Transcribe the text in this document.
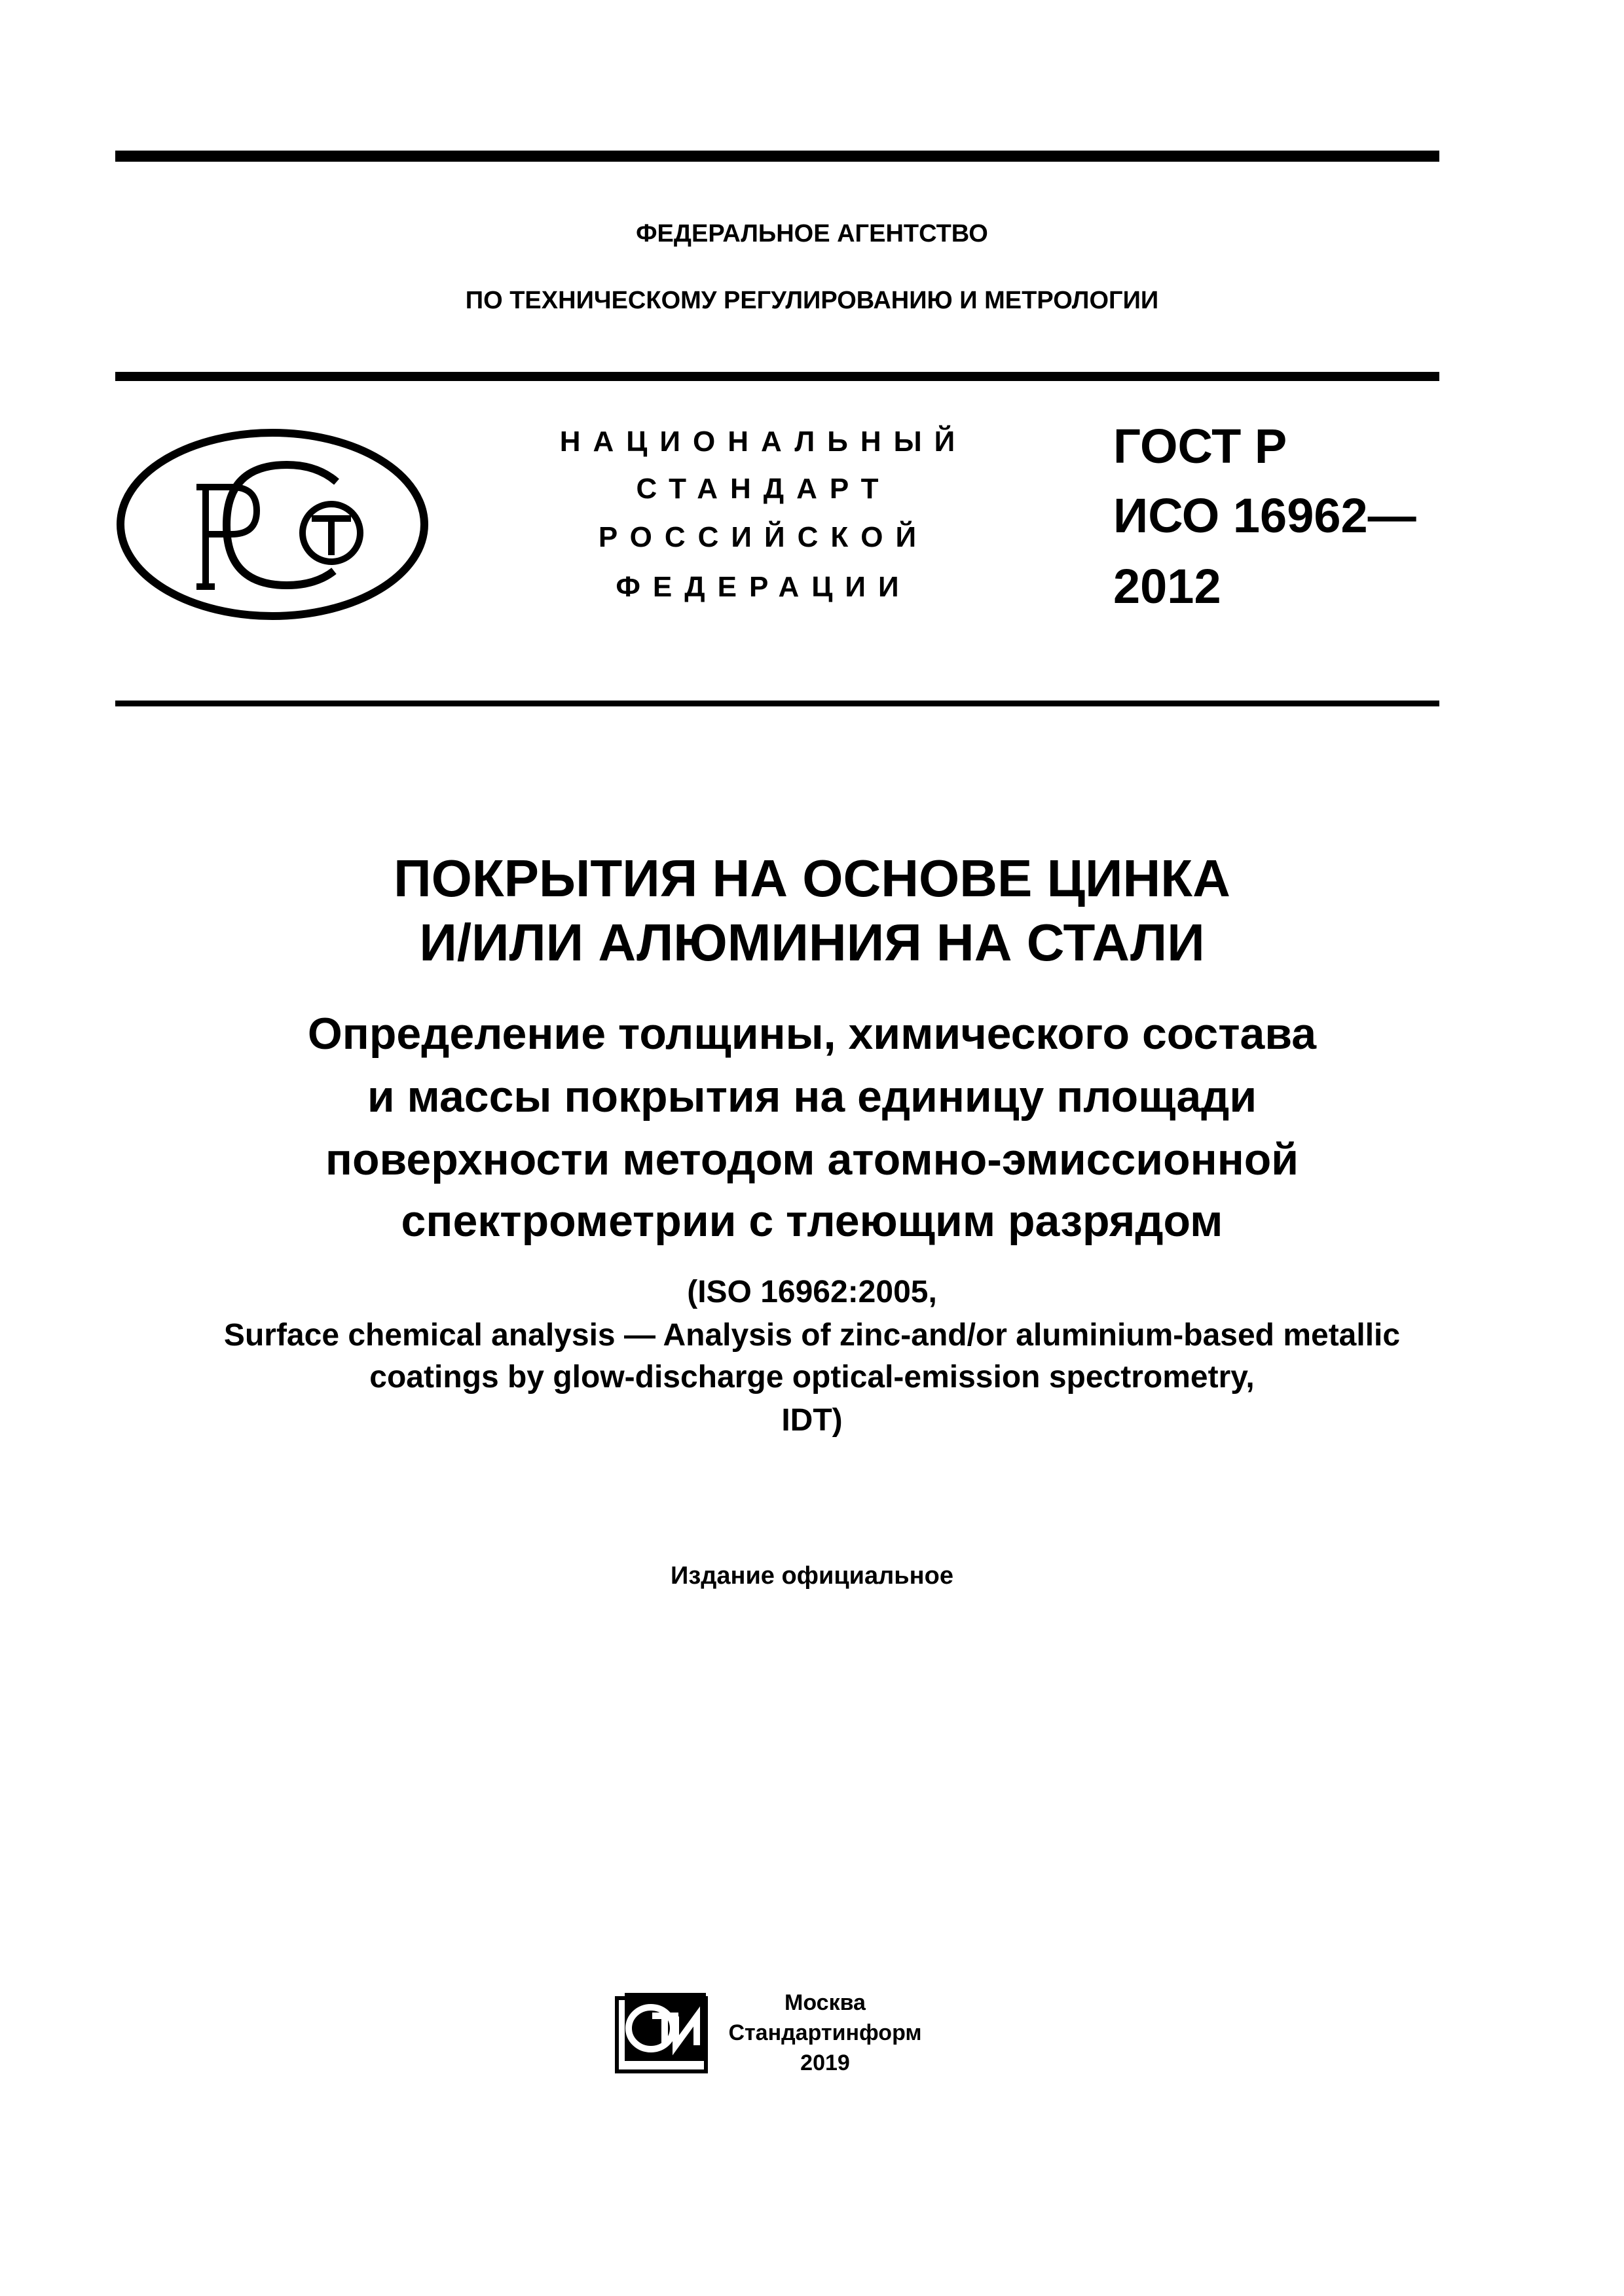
ФЕДЕРАЛЬНОЕ АГЕНТСТВО
ПО ТЕХНИЧЕСКОМУ РЕГУЛИРОВАНИЮ И МЕТРОЛОГИИ
НАЦИОНАЛЬНЫЙ
СТАНДАРТ
РОССИЙСКОЙ
ФЕДЕРАЦИИ
ГОСТ Р
ИСО 16962—
2012
ПОКРЫТИЯ НА ОСНОВЕ ЦИНКА
И/ИЛИ АЛЮМИНИЯ НА СТАЛИ
Определение толщины, химического состава
и массы покрытия на единицу площади
поверхности методом атомно-эмиссионной
спектрометрии с тлеющим разрядом
(ISO 16962:2005,
Surface chemical analysis — Analysis of zinc-and/or aluminium-based metallic
coatings by glow-discharge optical-emission spectrometry,
IDT)
Издание официальное
Москва
Стандартинформ
2019
